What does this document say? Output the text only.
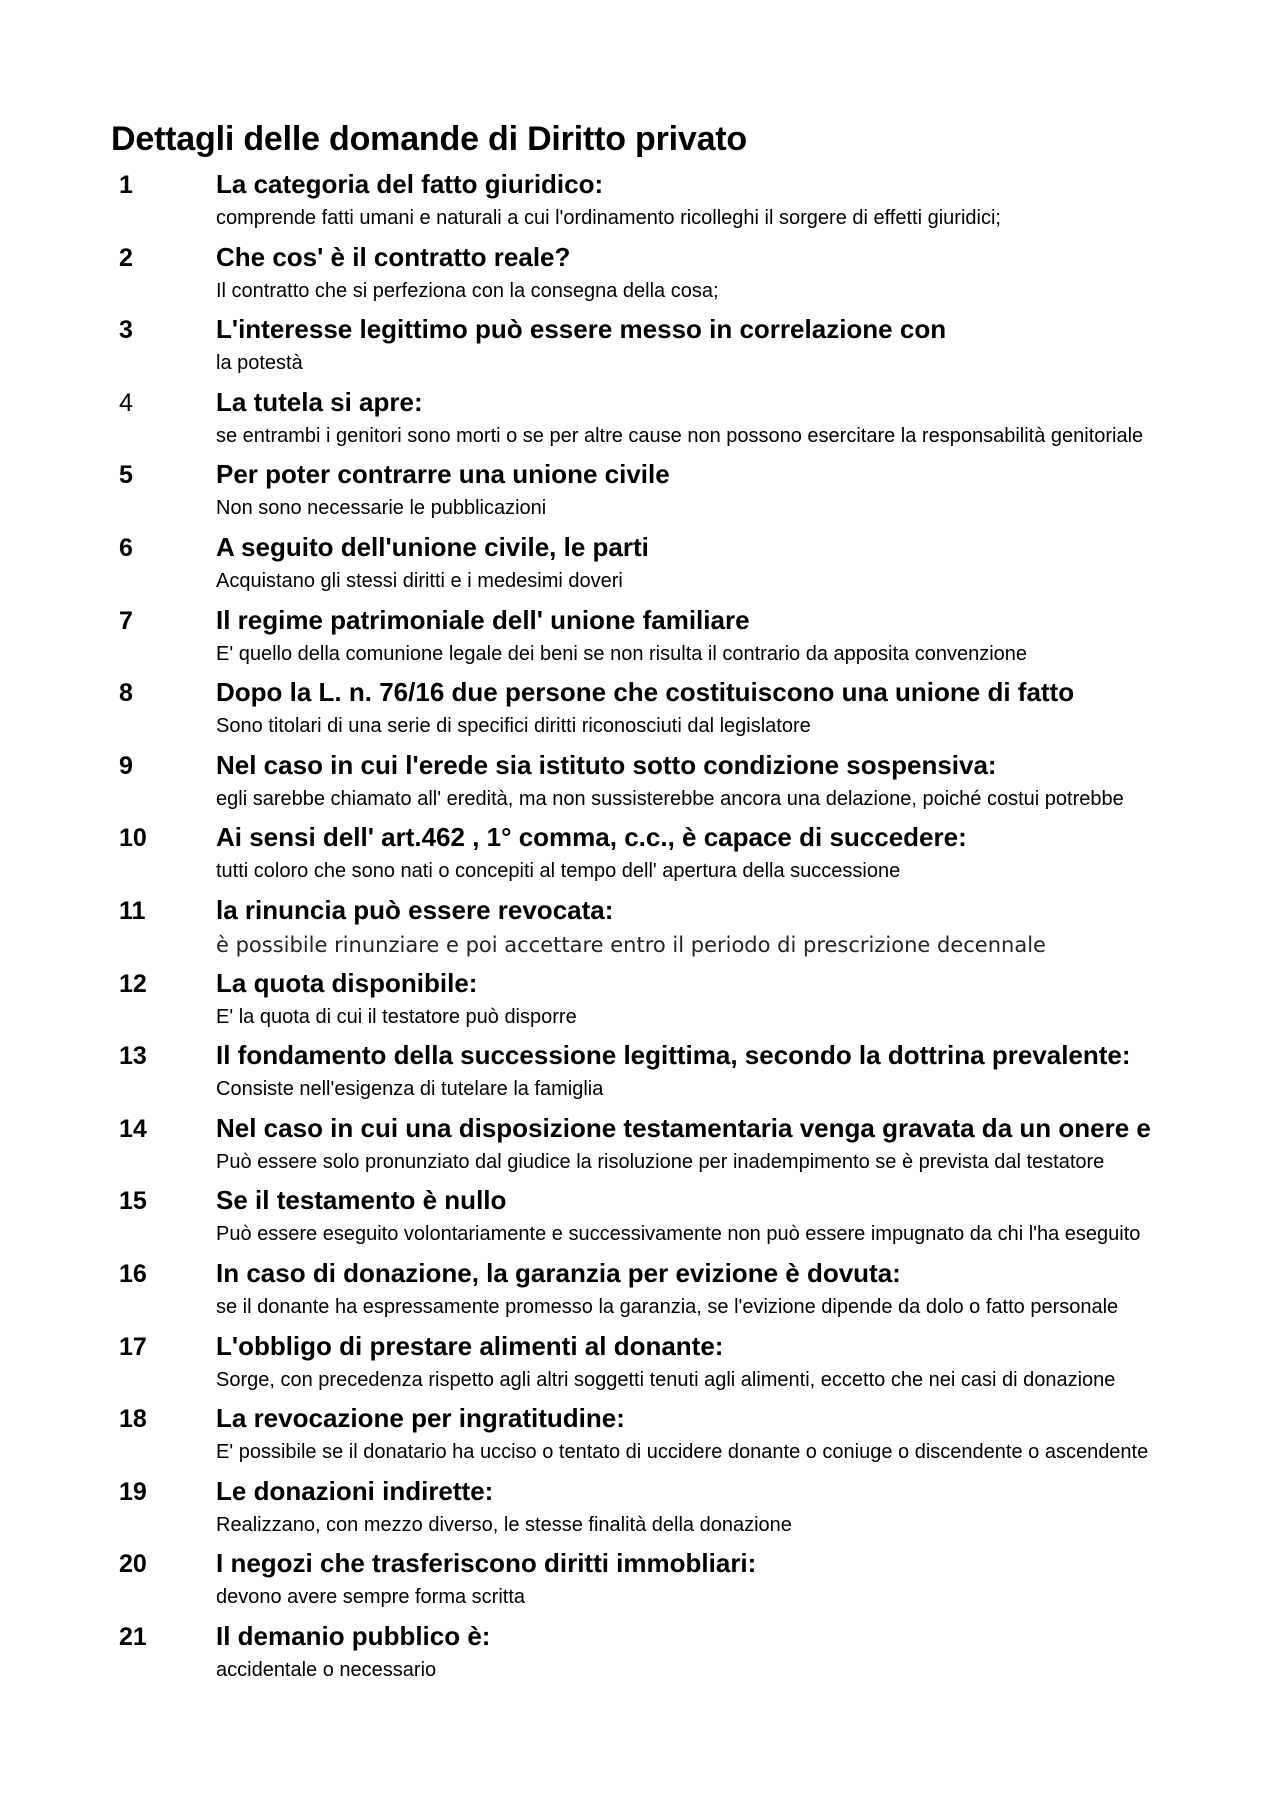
Dettagli delle domande di Diritto privato
1	La categoria del fatto giuridico:
comprende fatti umani e naturali a cui l'ordinamento ricolleghi il sorgere di effetti giuridici;
2	Che cos' è il contratto reale?
Il contratto che si perfeziona con la consegna della cosa;
3	L'interesse legittimo può essere messo in correlazione con
la potestà
4	La tutela si apre:
se entrambi i genitori sono morti o se per altre cause non possono esercitare la responsabilità genitoriale
5	Per poter contrarre una unione civile
Non sono necessarie le pubblicazioni
6	A seguito dell'unione civile, le parti
Acquistano gli stessi diritti e i medesimi doveri
7	Il regime patrimoniale dell' unione familiare
E' quello della comunione legale dei beni se non risulta il contrario da apposita convenzione
8	Dopo la L. n. 76/16 due persone che costituiscono una unione di fatto
Sono titolari di una serie di specifici diritti riconosciuti dal legislatore
9	Nel caso in cui l'erede sia istituto sotto condizione sospensiva:
egli sarebbe chiamato all' eredità, ma non sussisterebbe ancora una delazione, poiché costui potrebbe
10	Ai sensi dell' art.462 , 1° comma, c.c., è capace di succedere:
tutti coloro che sono nati o concepiti al tempo dell' apertura della successione
11	la rinuncia può essere revocata:
è possibile rinunziare e poi accettare entro il periodo di prescrizione decennale
12	La quota disponibile:
E' la quota di cui il testatore può disporre
13	Il fondamento della successione legittima, secondo la dottrina prevalente:
Consiste nell'esigenza di tutelare la famiglia
14	Nel caso in cui una disposizione testamentaria venga gravata da un onere e
Può essere solo pronunziato dal giudice la risoluzione per inadempimento se è prevista dal testatore
15	Se il testamento è nullo
Può essere eseguito volontariamente e successivamente non può essere impugnato da chi l'ha eseguito
16	In caso di donazione, la garanzia per evizione è dovuta:
se il donante ha espressamente promesso la garanzia, se l'evizione dipende da dolo o fatto personale
17	L'obbligo di prestare alimenti al donante:
Sorge, con precedenza rispetto agli altri soggetti tenuti agli alimenti, eccetto che nei casi di donazione
18	La revocazione per ingratitudine:
E' possibile se il donatario ha ucciso o tentato di uccidere donante o coniuge o discendente o ascendente
19	Le donazioni indirette:
Realizzano, con mezzo diverso, le stesse finalità della donazione
20	I negozi che trasferiscono diritti immobliari:
devono avere sempre forma scritta
21	Il demanio pubblico è:
accidentale o necessario
